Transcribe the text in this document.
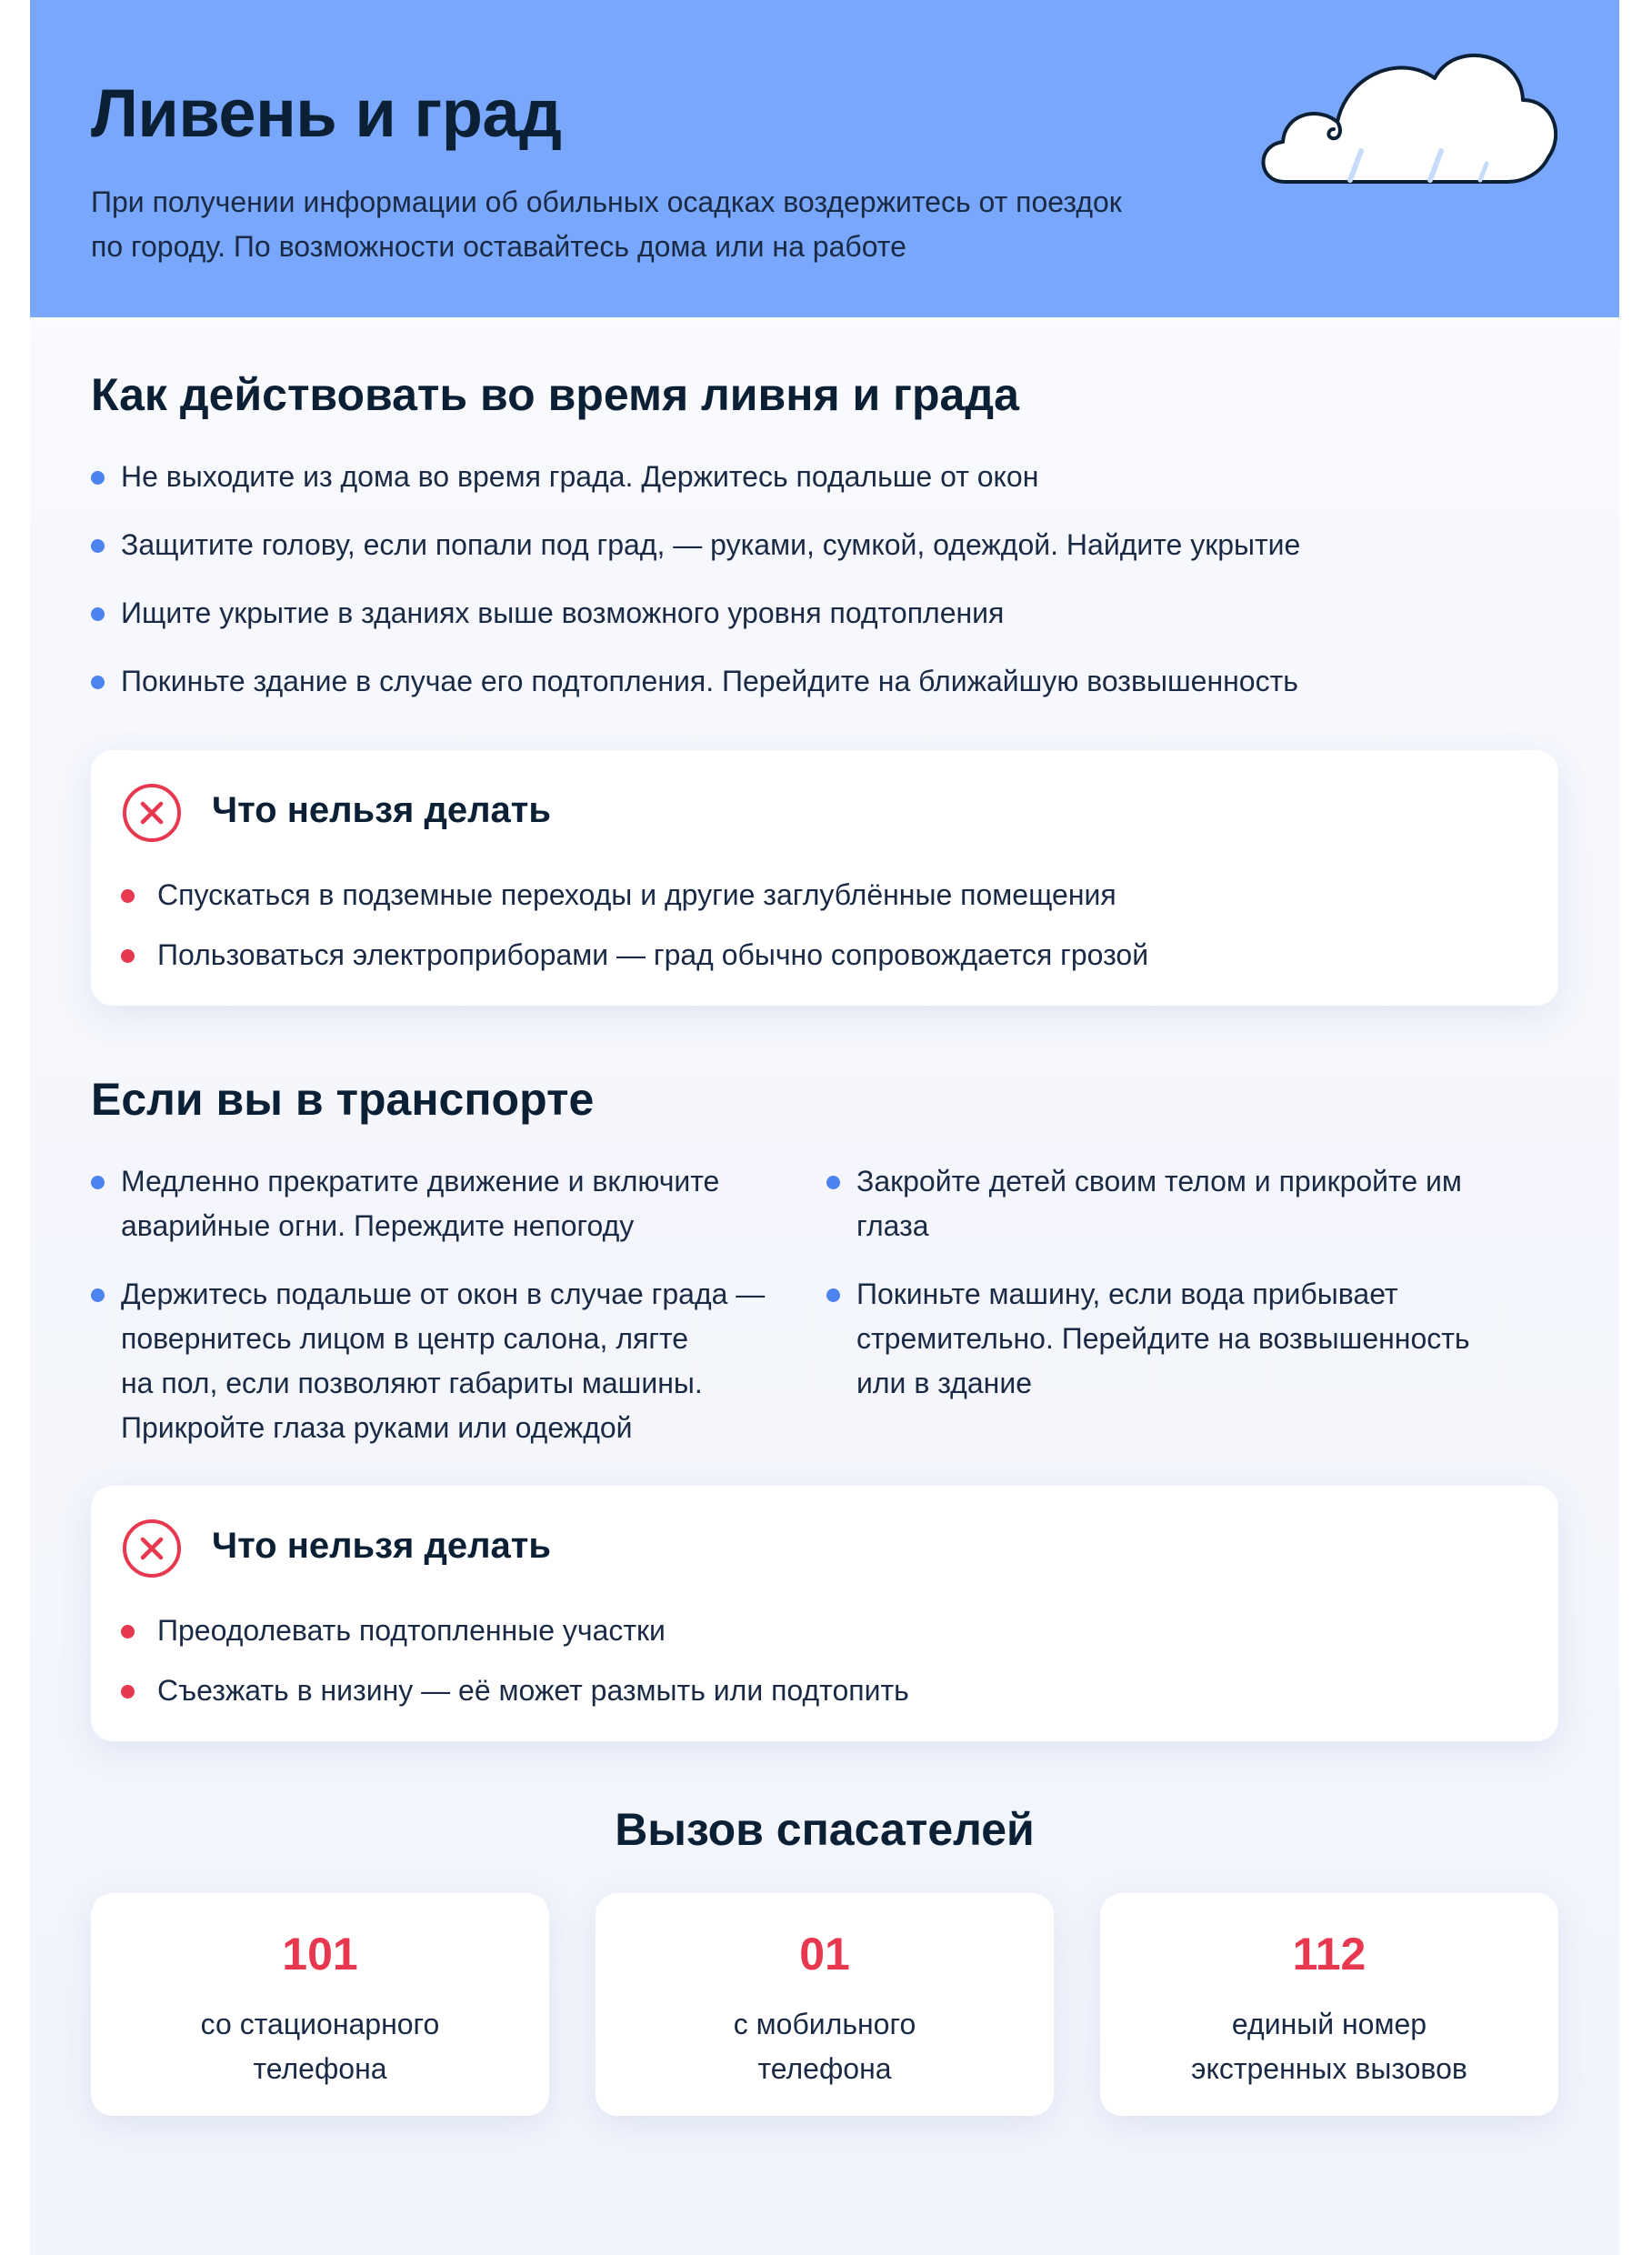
Ливень и град

При получении информации об обильных осадках воздержитесь от поездок
по городу. По возможности оставайтесь дома или на работе

Как действовать во время ливня и града
Не выходите из дома во время града. Держитесь подальше от окон
Защитите голову, если попали под град, — руками, сумкой, одеждой. Найдите укрытие
Ищите укрытие в зданиях выше возможного уровня подтопления
Покиньте здание в случае его подтопления. Перейдите на ближайшую возвышенность
Что нельзя делать
Спускаться в подземные переходы и другие заглублённые помещения
Пользоваться электроприборами — град обычно сопровождается грозой
Если вы в транспорте
Медленно прекратите движение и включите
аварийные огни. Переждите непогоду
Держитесь подальше от окон в случае града —
повернитесь лицом в центр салона, лягте
на пол, если позволяют габариты машины.
Прикройте глаза руками или одеждой
Закройте детей своим телом и прикройте им
глаза
Покиньте машину, если вода прибывает
стремительно. Перейдите на возвышенность
или в здание
Что нельзя делать
Преодолевать подтопленные участки
Съезжать в низину — её может размыть или подтопить
Вызов спасателей
101
со стационарного
телефона
01
с мобильного
телефона
112
единый номер
экстренных вызовов
